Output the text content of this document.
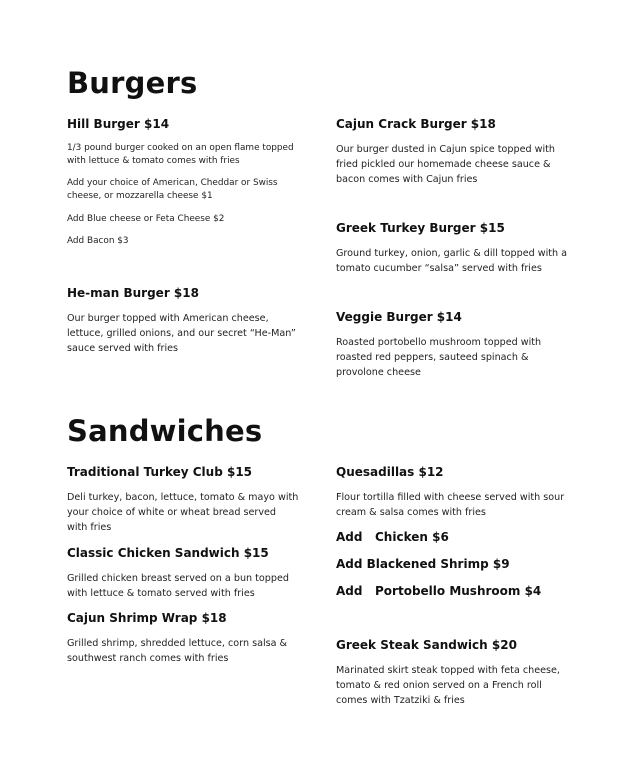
Burgers
Hill Burger $14
1/3 pound burger cooked on an open flame topped with lettuce & tomato comes with fries
Add your choice of American, Cheddar or Swiss cheese, or mozzarella cheese $1
Add Blue cheese or Feta Cheese $2
Add Bacon $3
He-man Burger $18
Our burger topped with American cheese, lettuce, grilled onions, and our secret “He-Man” sauce served with fries
Cajun Crack Burger $18
Our burger dusted in Cajun spice topped with fried pickled our homemade cheese sauce & bacon comes with Cajun fries
Greek Turkey Burger $15
Ground turkey, onion, garlic & dill topped with a tomato cucumber “salsa” served with fries
Veggie Burger $14
Roasted portobello mushroom topped with roasted red peppers, sauteed spinach & provolone cheese
Sandwiches
Traditional Turkey Club $15
Deli turkey, bacon, lettuce, tomato & mayo with your choice of white or wheat bread served with fries
Classic Chicken Sandwich $15
Grilled chicken breast served on a bun topped with lettuce & tomato served with fries
Cajun Shrimp Wrap $18
Grilled shrimp, shredded lettuce, corn salsa & southwest ranch comes with fries
Quesadillas $12
Flour tortilla filled with cheese served with sour cream & salsa comes with fries
Add   Chicken $6
Add Blackened Shrimp $9
Add   Portobello Mushroom $4
Greek Steak Sandwich $20
Marinated skirt steak topped with feta cheese, tomato & red onion served on a French roll comes with Tzatziki & fries
